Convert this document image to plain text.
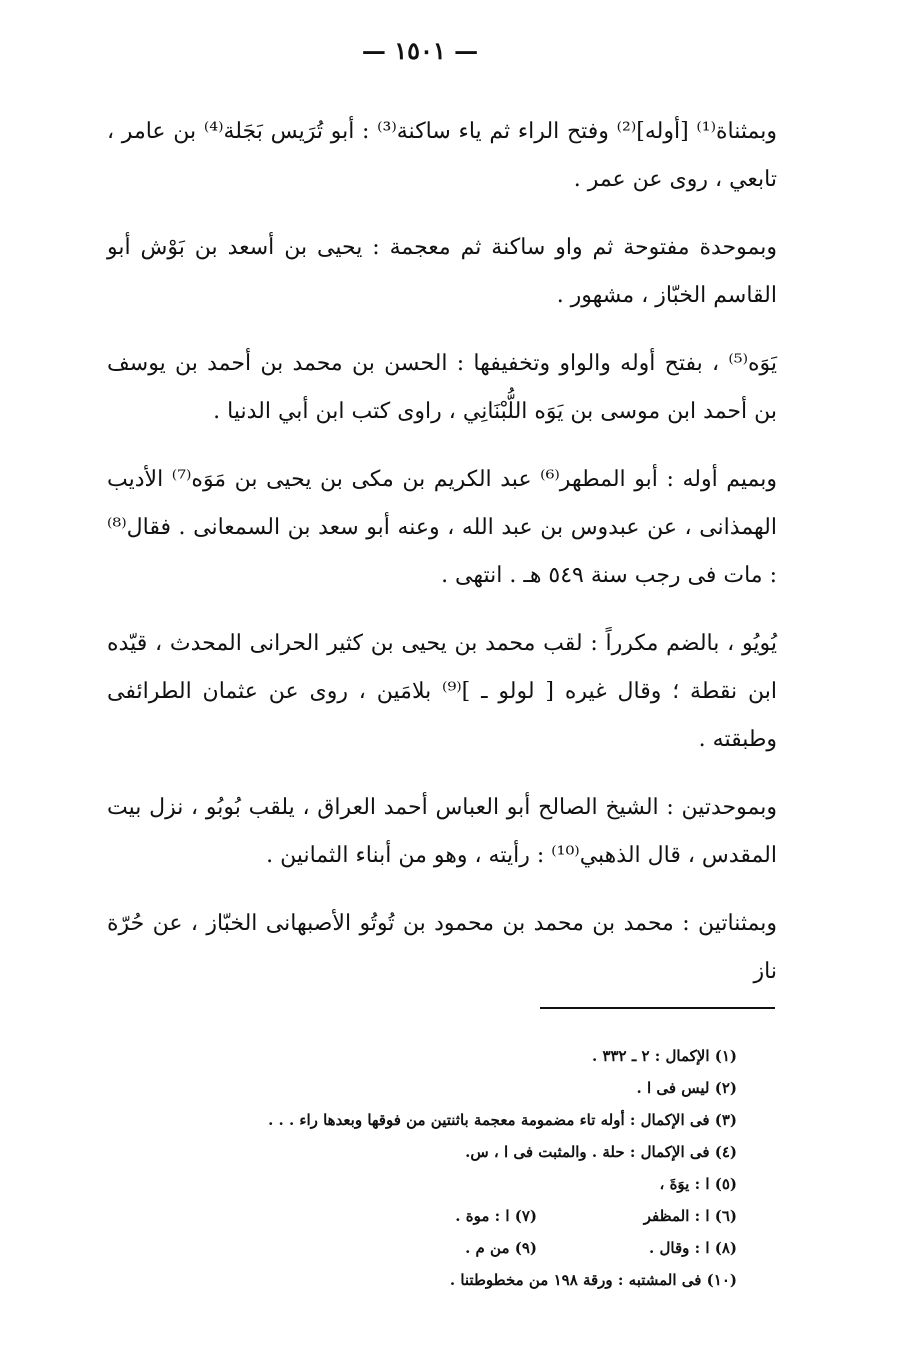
— ١٥٠١ —

وبمثناة⁽¹⁾ [أوله]⁽²⁾ وفتح الراء ثم ياء ساكنة⁽³⁾ : أبو تُرَيس بَجَلة⁽⁴⁾ بن عامر ، تابعي ، روى عن عمر .

وبموحدة مفتوحة ثم واو ساكنة ثم معجمة : يحيى بن أسعد بن بَوْش أبو القاسم الخبّاز ، مشهور .

يَوَه⁽⁵⁾ ، بفتح أوله والواو وتخفيفها : الحسن بن محمد بن أحمد بن يوسف بن أحمد ابن موسى بن يَوَه اللُّبْنَانِي ، راوى كتب ابن أبي الدنيا .

وبميم أوله : أبو المطهر⁽⁶⁾ عبد الكريم بن مكى بن يحيى بن مَوَه⁽⁷⁾ الأديب الهمذانى ، عن عبدوس بن عبد الله ، وعنه أبو سعد بن السمعانى . فقال⁽⁸⁾ : مات فى رجب سنة ٥٤٩ هـ . انتهى .

يُويُو ، بالضم مكرراً : لقب محمد بن يحيى بن كثير الحرانى المحدث ، قيّده ابن نقطة ؛ وقال غيره [ لولو ـ ]⁽⁹⁾ بلامَين ، روى عن عثمان الطرائفى وطبقته .

وبموحدتين : الشيخ الصالح أبو العباس أحمد العراق ، يلقب بُوبُو ، نزل بيت المقدس ، قال الذهبي⁽¹⁰⁾ : رأيته ، وهو من أبناء الثمانين .

وبمثناتين : محمد بن محمد بن محمود بن تُوتُو الأصبهانى الخبّاز ، عن حُرّة ناز

(١) الإكمال : ٢ ـ ٣٣٢ .
(٢) ليس فى ا .
(٣) فى الإكمال : أوله تاء مضمومة معجمة باثنتين من فوقها وبعدها راء . . .
(٤) فى الإكمال : حلة . والمثبت فى ا ، س.
(٥) ا : يوَةَ ،
(٦) ا : المظفر
(٧) ا : موة .
(٨) ا : وقال .
(٩) من م .
(١٠) فى المشتبه : ورقة ١٩٨ من مخطوطتنا .
